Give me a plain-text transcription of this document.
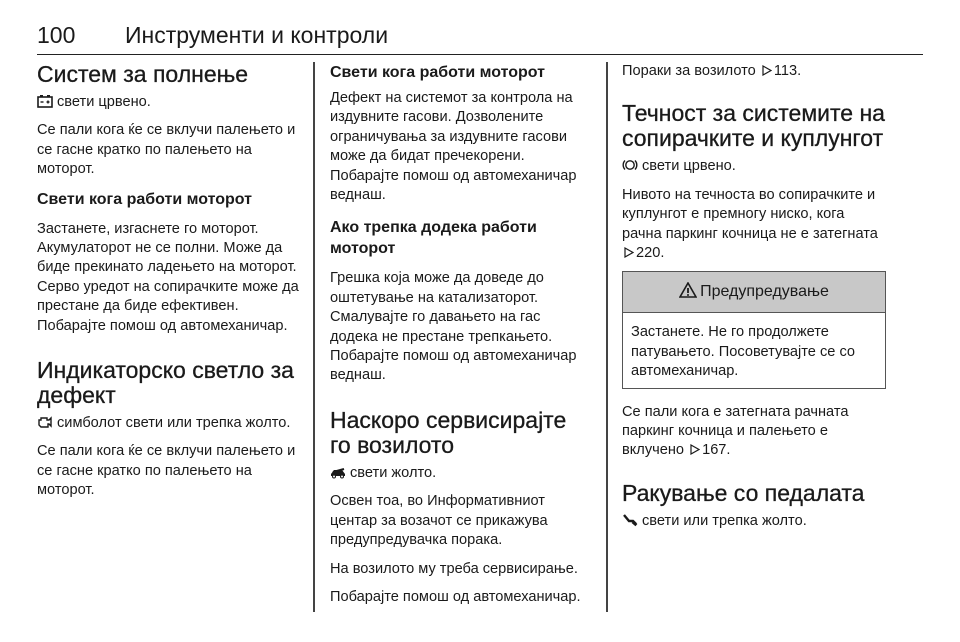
100 Инструменти и контроли
Систем за полнење

свети црвено.

Се пали кога ќе се вклучи палењето и се гасне кратко по палењето на моторот.

Свети кога работи моторот

Застанете, изгаснете го моторот. Акумулаторот не се полни. Може да биде прекинато ладењето на моторот. Серво уредот на сопирачките може да престане да биде ефективен. Побарајте помош од автомеханичар.

Индикаторско светло за дефект

симболот свети или трепка жолто.

Се пали кога ќе се вклучи палењето и се гасне кратко по палењето на моторот.

Свети кога работи моторот

Дефект на системот за контрола на издувните гасови. Дозволените ограничувања за издувните гасови може да бидат пречекорени. Побарајте помош од автомеханичар веднаш.

Ако трепка додека работи моторот

Грешка која може да доведе до оштетување на катализаторот. Смалувајте го давањето на гас додека не престане трепкањето. Побарајте помош од автомеханичар веднаш.

Наскоро сервисирајте го возилото

свети жолто.

Освен тоа, во Информативниот центар за возачот се прикажува предупредувачка порака.

На возилото му треба сервисирање.

Побарајте помош од автомеханичар.

Пораки за возилото 113.

Течност за системите на сопирачките и куплунгот

свети црвено.

Нивото на течноста во сопирачките и куплунгот е премногу ниско, кога рачна паркинг кочница не е затегната
220.

Предупредување

Застанете. Не го продолжете патувањето. Посоветувајте се со автомеханичар.

Се пали кога е затегната рачната паркинг кочница и палењето е вклучено 167.

Ракување со педалата

свети или трепка жолто.
